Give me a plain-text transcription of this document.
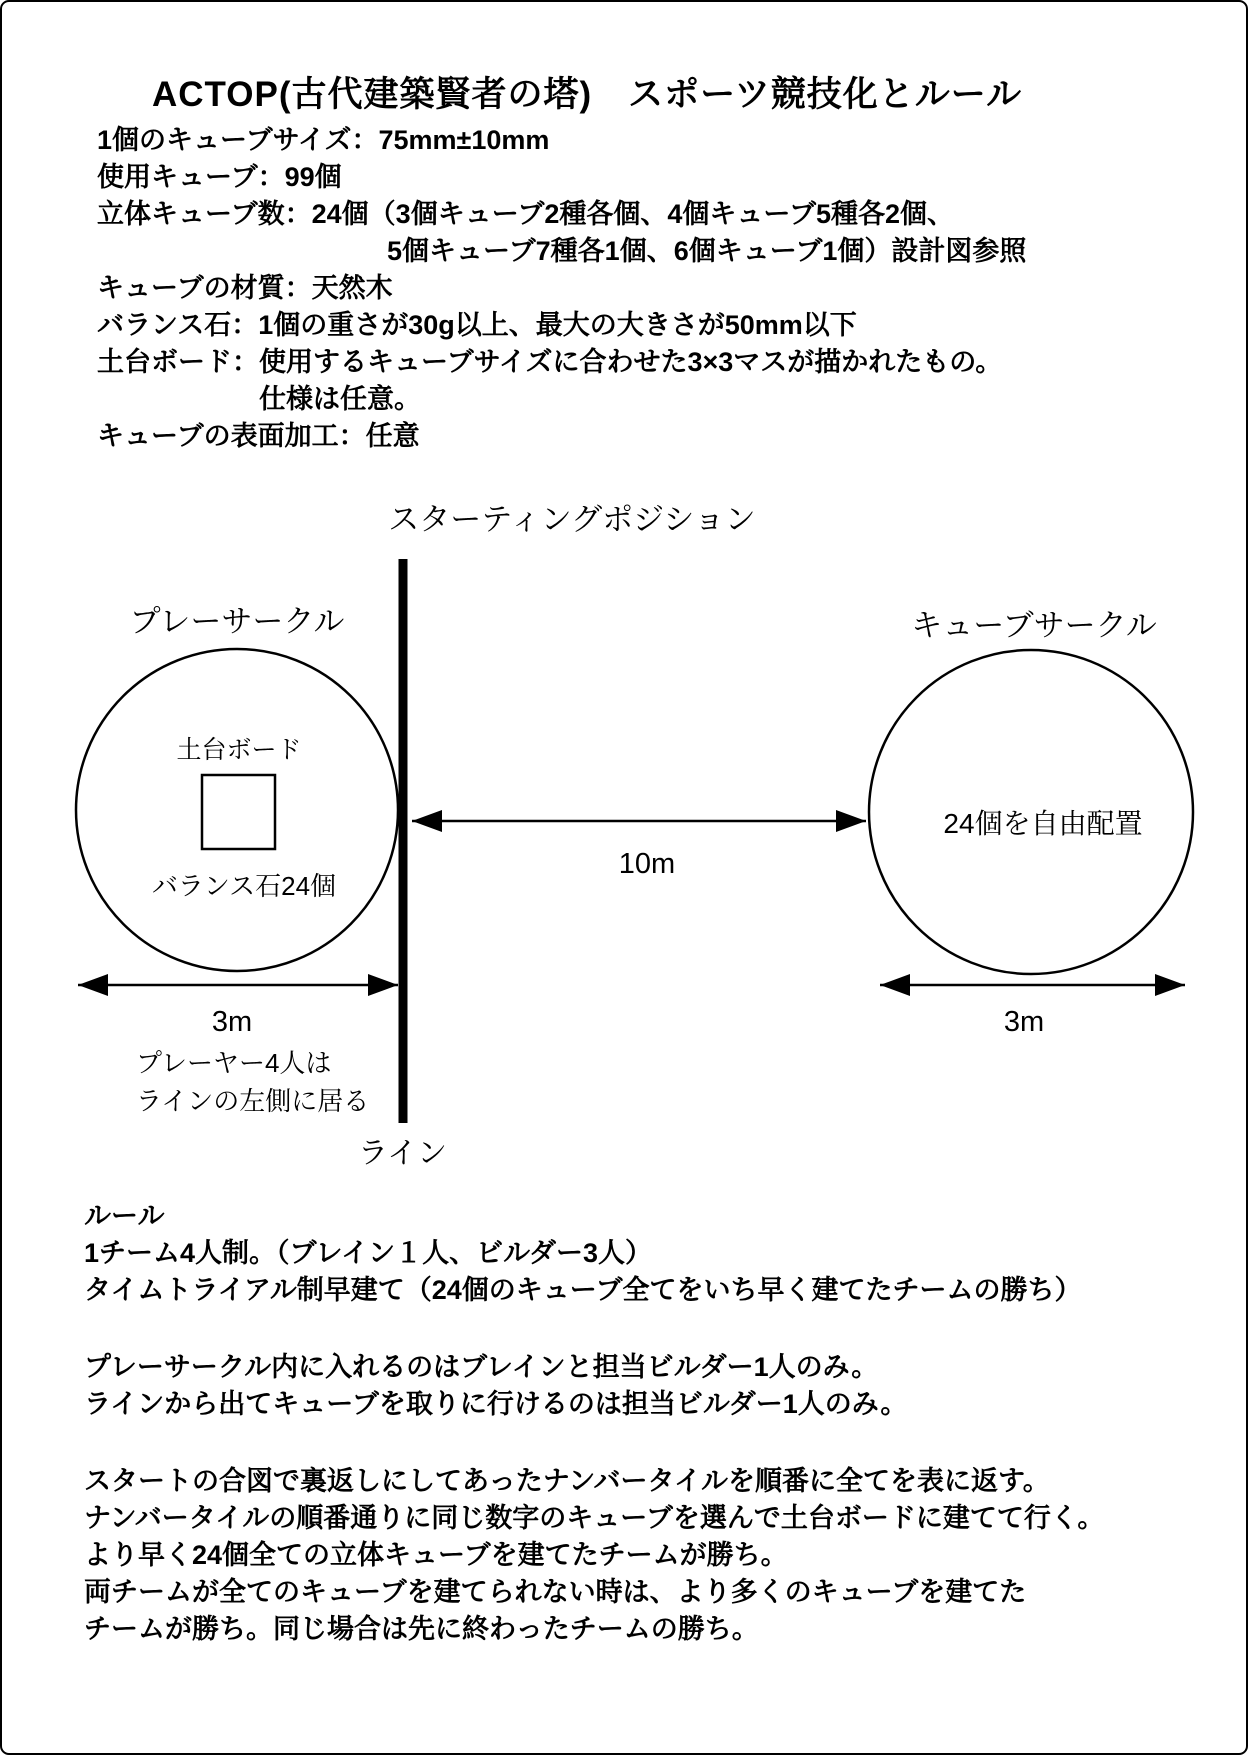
ACTOP(古代建築賢者の塔)　スポーツ競技化とルール
1個のキューブサイズ：75mm±10mm
使用キューブ：99個
立体キューブ数：24個（3個キューブ2種各個、4個キューブ5種各2個、
5個キューブ7種各1個、6個キューブ1個）設計図参照
キューブの材質：天然木
バランス石：1個の重さが30g以上、最大の大きさが50mm以下
土台ボード：使用するキューブサイズに合わせた3×3マスが描かれたもの。
仕様は任意。
キューブの表面加工：任意
スターティングポジション
プレーサークル	キューブサークル
土台ボード
バランス石24個
24個を自由配置
10m
3m	3m
プレーヤー4人は
ラインの左側に居る
ライン
ルール
1チーム4人制。（ブレイン１人、ビルダー3人）
タイムトライアル制早建て（24個のキューブ全てをいち早く建てたチームの勝ち）
プレーサークル内に入れるのはブレインと担当ビルダー1人のみ。
ラインから出てキューブを取りに行けるのは担当ビルダー1人のみ。
スタートの合図で裏返しにしてあったナンバータイルを順番に全てを表に返す。
ナンバータイルの順番通りに同じ数字のキューブを選んで土台ボードに建てて行く。
より早く24個全ての立体キューブを建てたチームが勝ち。
両チームが全てのキューブを建てられない時は、より多くのキューブを建てた
チームが勝ち。同じ場合は先に終わったチームの勝ち。
